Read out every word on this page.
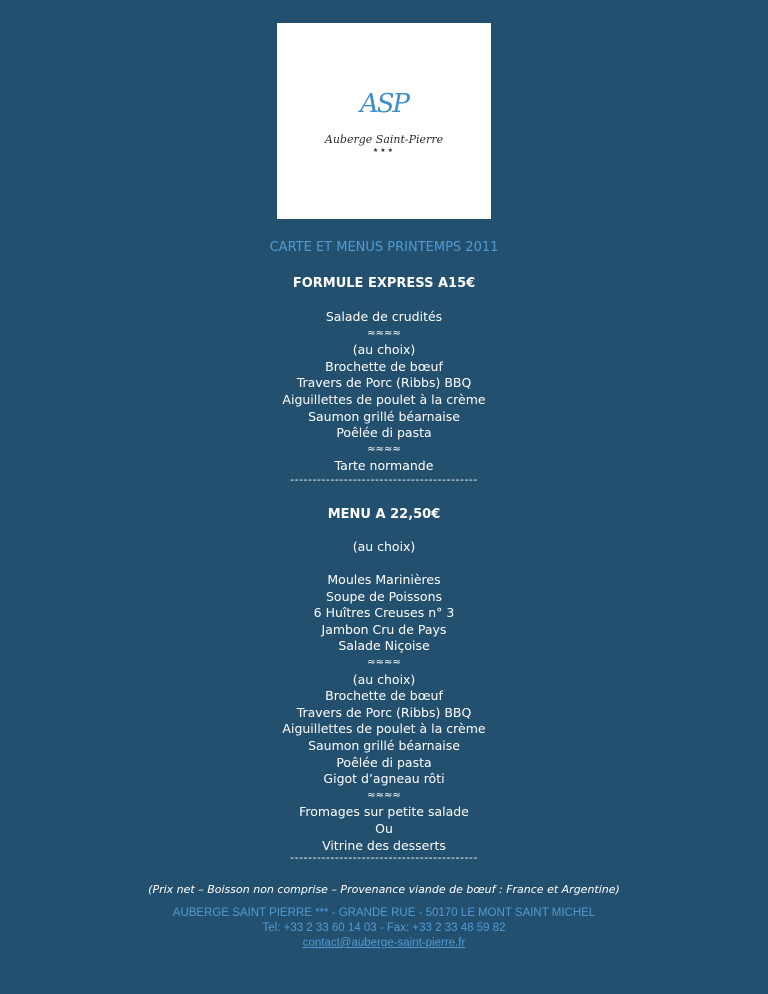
ASP
Auberge Saint-Pierre
★★★
CARTE ET MENUS PRINTEMPS 2011
FORMULE EXPRESS A15€
Salade de crudités
≈≈≈≈
(au choix)
Brochette de bœuf
Travers de Porc (Ribbs) BBQ
Aiguillettes de poulet à la crème
Saumon grillé béarnaise
Poêlée di pasta
≈≈≈≈
Tarte normande
------------------------------------------
MENU A 22,50€
(au choix)
Moules Marinières
Soupe de Poissons
6 Huîtres Creuses n° 3
Jambon Cru de Pays
Salade Niçoise
≈≈≈≈
(au choix)
Brochette de bœuf
Travers de Porc (Ribbs) BBQ
Aiguillettes de poulet à la crème
Saumon grillé béarnaise
Poêlée di pasta
Gigot d’agneau rôti
≈≈≈≈
Fromages sur petite salade
Ou
Vitrine des desserts
------------------------------------------
(Prix net – Boisson non comprise – Provenance viande de bœuf : France et Argentine)
AUBERGE SAINT PIERRE *** - GRANDE RUE - 50170 LE MONT SAINT MICHEL
Tel: +33 2 33 60 14 03 - Fax: +33 2 33 48 59 82
contact@auberge-saint-pierre.fr
